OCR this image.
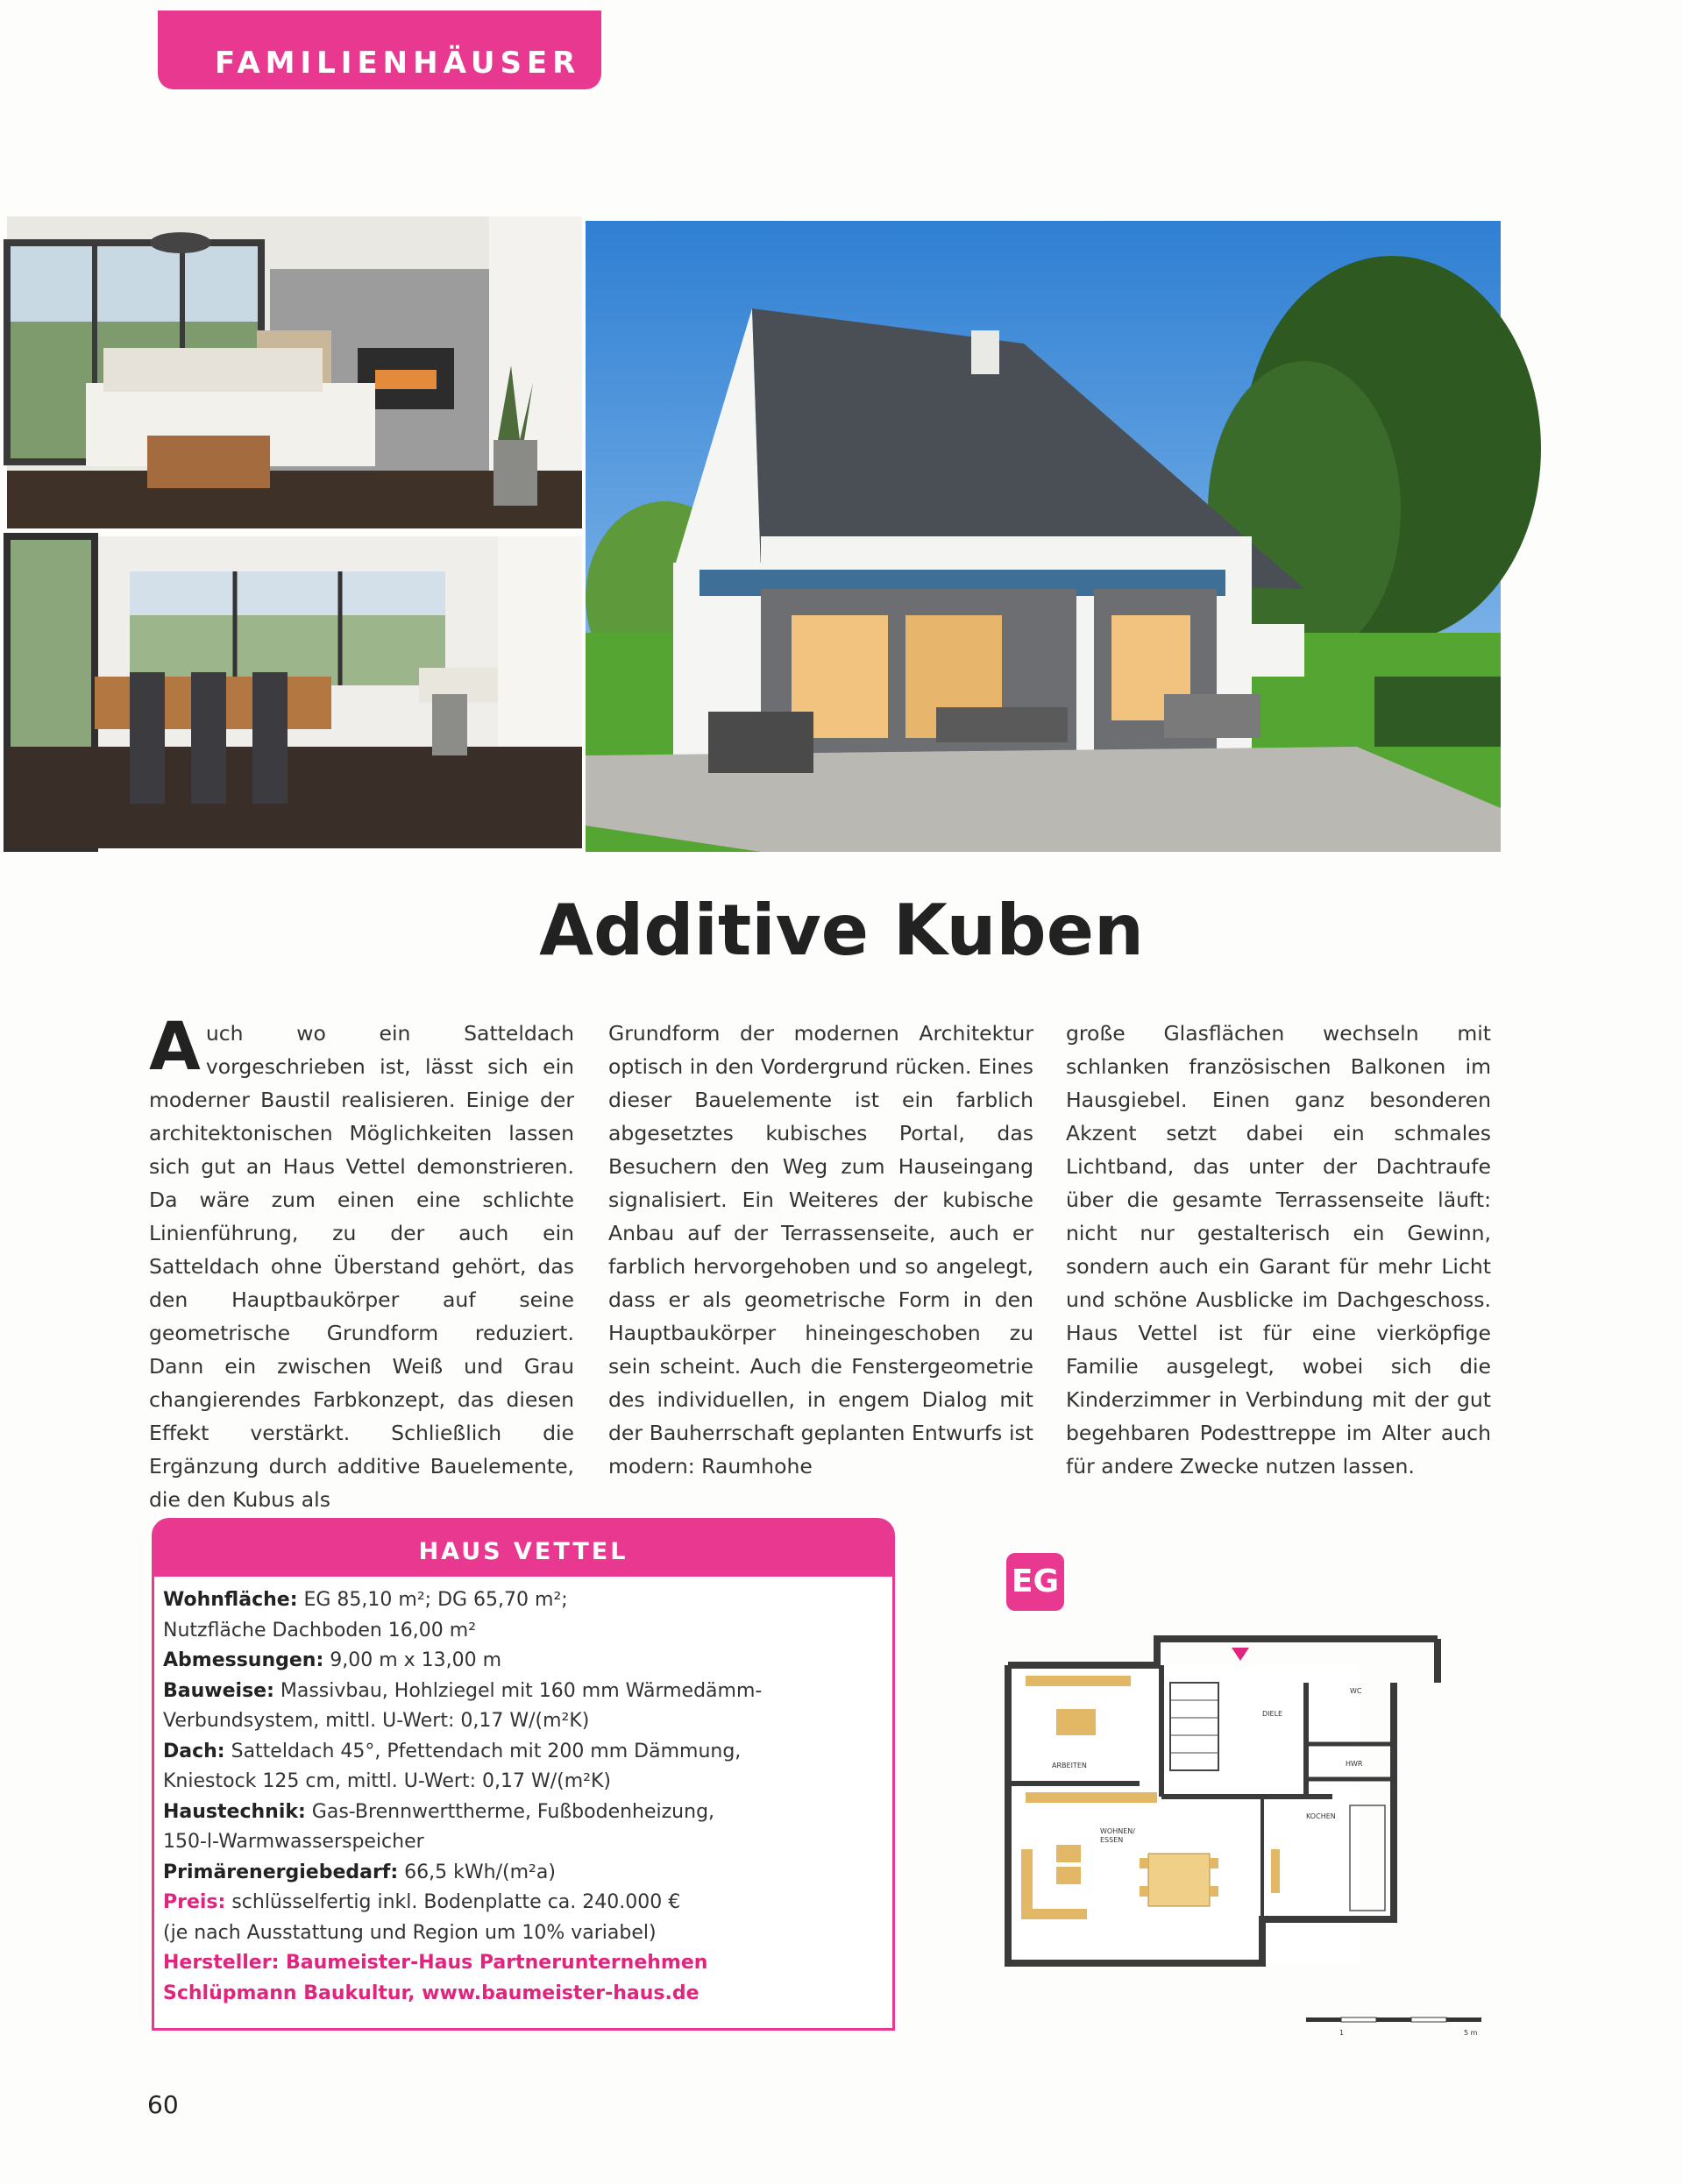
FAMILIENHÄUSER
Additive Kuben

Auch wo ein Satteldach vorgeschrieben ist, lässt sich ein moderner Baustil realisieren. Einige der architektonischen Möglichkeiten lassen sich gut an Haus Vettel demonstrieren. Da wäre zum einen eine schlichte Linienführung, zu der auch ein Satteldach ohne Überstand gehört, das den Hauptbaukörper auf seine geometrische Grundform reduziert. Dann ein zwischen Weiß und Grau changierendes Farbkonzept, das diesen Effekt verstärkt. Schließlich die Ergänzung durch additive Bauelemente, die den Kubus als

Grundform der modernen Architektur optisch in den Vordergrund rücken. Eines dieser Bauelemente ist ein farblich abgesetztes kubisches Portal, das Besuchern den Weg zum Hauseingang signalisiert. Ein Weiteres der kubische Anbau auf der Terrassenseite, auch er farblich hervorgehoben und so angelegt, dass er als geometrische Form in den Hauptbaukörper hineingeschoben zu sein scheint. Auch die Fenstergeometrie des individuellen, in engem Dialog mit der Bauherrschaft geplanten Entwurfs ist modern: Raumhohe

große Glasflächen wechseln mit schlanken französischen Balkonen im Hausgiebel. Einen ganz besonderen Akzent setzt dabei ein schmales Lichtband, das unter der Dachtraufe über die gesamte Terrassenseite läuft: nicht nur gestalterisch ein Gewinn, sondern auch ein Garant für mehr Licht und schöne Ausblicke im Dachgeschoss. Haus Vettel ist für eine vierköpfige Familie ausgelegt, wobei sich die Kinderzimmer in Verbindung mit der gut begehbaren Podesttreppe im Alter auch für andere Zwecke nutzen lassen.

HAUS VETTEL
Wohnfläche: EG 85,10 m²; DG 65,70 m²;
Nutzfläche Dachboden 16,00 m²
Abmessungen: 9,00 m x 13,00 m
Bauweise: Massivbau, Hohlziegel mit 160 mm Wärmedämm-
Verbundsystem, mittl. U-Wert: 0,17 W/(m²K)
Dach: Satteldach 45°, Pfettendach mit 200 mm Dämmung,
Kniestock 125 cm, mittl. U-Wert: 0,17 W/(m²K)
Haustechnik: Gas-Brennwerttherme, Fußbodenheizung,
150-l-Warmwasserspeicher
Primärenergiebedarf: 66,5 kWh/(m²a)
Preis: schlüsselfertig inkl. Bodenplatte ca. 240.000 €
(je nach Ausstattung und Region um 10% variabel)
Hersteller: Baumeister-Haus Partnerunternehmen
Schlüpmann Baukultur, www.baumeister-haus.de
EG
ARBEITEN
DIELE
WC
HWR
WOHNEN/
ESSEN
KOCHEN
1	5 m
60
